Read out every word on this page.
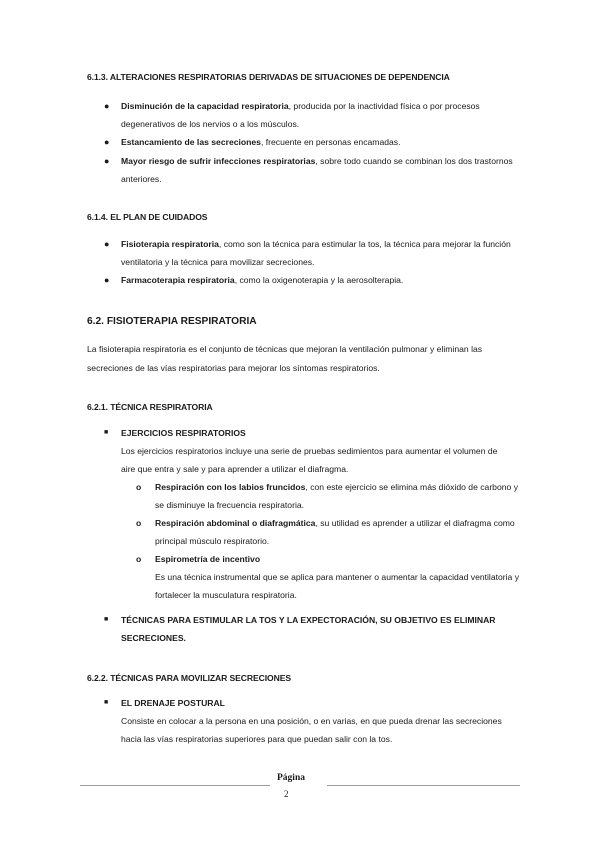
6.1.3. ALTERACIONES RESPIRATORIAS DERIVADAS DE SITUACIONES DE DEPENDENCIA
● Disminución de la capacidad respiratoria, producida por la inactividad física o por procesos degenerativos de los nervios o a los músculos.
● Estancamiento de las secreciones, frecuente en personas encamadas.
● Mayor riesgo de sufrir infecciones respiratorias, sobre todo cuando se combinan los dos trastornos anteriores.
6.1.4. EL PLAN DE CUIDADOS
● Fisioterapia respiratoria, como son la técnica para estimular la tos, la técnica para mejorar la función ventilatoria y la técnica para movilizar secreciones.
● Farmacoterapia respiratoria, como la oxigenoterapia y la aerosolterapia.
6.2. FISIOTERAPIA RESPIRATORIA
La fisioterapia respiratoria es el conjunto de técnicas que mejoran la ventilación pulmonar y eliminan las secreciones de las vías respiratorias para mejorar los síntomas respiratorios.
6.2.1. TÉCNICA RESPIRATORIA
■ EJERCICIOS RESPIRATORIOS
Los ejercicios respiratorios incluye una serie de pruebas sedimientos para aumentar el volumen de aire que entra y sale y para aprender a utilizar el diafragma.
o Respiración con los labios fruncidos, con este ejercicio se elimina más dióxido de carbono y se disminuye la frecuencia respiratoria.
o Respiración abdominal o diafragmática, su utilidad es aprender a utilizar el diafragma como principal músculo respiratorio.
o Espirometría de incentivo
Es una técnica instrumental que se aplica para mantener o aumentar la capacidad ventilatoria y fortalecer la musculatura respiratoria.
■ TÉCNICAS PARA ESTIMULAR LA TOS Y LA EXPECTORACIÓN, SU OBJETIVO ES ELIMINAR SECRECIONES.
6.2.2. TÉCNICAS PARA MOVILIZAR SECRECIONES
■ EL DRENAJE POSTURAL
Consiste en colocar a la persona en una posición, o en varias, en que pueda drenar las secreciones hacia las vías respiratorias superiores para que puedan salir con la tos.
Página
2
